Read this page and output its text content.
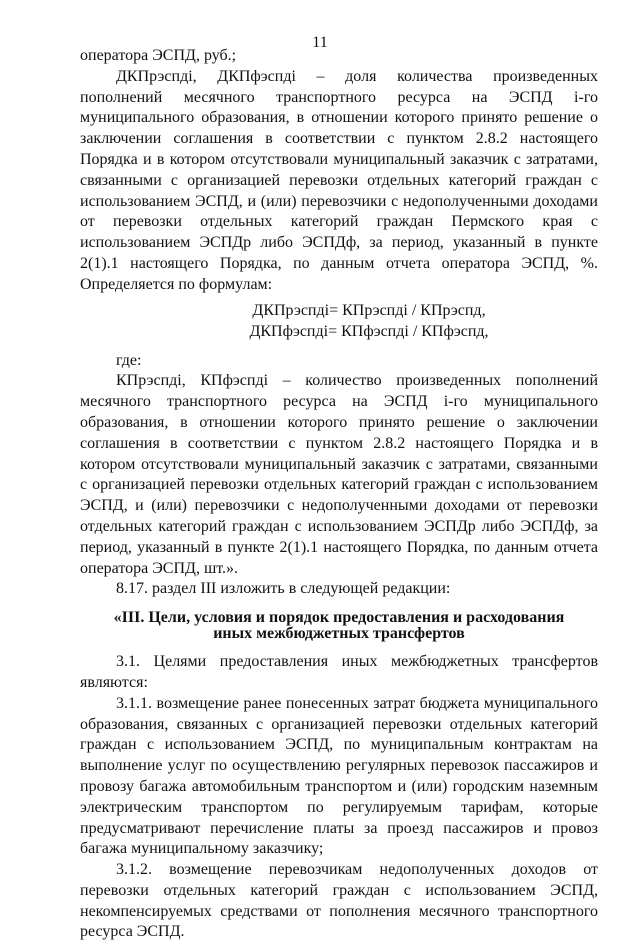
11

оператора ЭСПД, руб.;

ДКПрэспдi, ДКПфэспдi – доля количества произведенных пополнений месячного транспортного ресурса на ЭСПД i-го муниципального образования, в отношении которого принято решение о заключении соглашения в соответствии с пунктом 2.8.2 настоящего Порядка и в котором отсутствовали муниципальный заказчик с затратами, связанными с организацией перевозки отдельных категорий граждан с использованием ЭСПД, и (или) перевозчики с недополученными доходами от перевозки отдельных категорий граждан Пермского края с использованием ЭСПДр либо ЭСПДф, за период, указанный в пункте 2(1).1 настоящего Порядка, по данным отчета оператора ЭСПД, %. Определяется по формулам:

ДКПрэспдi= КПрэспдi / КПрэспд,

ДКПфэспдi= КПфэспдi / КПфэспд,

где:

КПрэспдi, КПфэспдi – количество произведенных пополнений месячного транспортного ресурса на ЭСПД i-го муниципального образования, в отношении которого принято решение о заключении соглашения в соответствии с пунктом 2.8.2 настоящего Порядка и в котором отсутствовали муниципальный заказчик с затратами, связанными с организацией перевозки отдельных категорий граждан с использованием ЭСПД, и (или) перевозчики с недополученными доходами от перевозки отдельных категорий граждан с использованием ЭСПДр либо ЭСПДф, за период, указанный в пункте 2(1).1 настоящего Порядка, по данным отчета оператора ЭСПД, шт.».

8.17. раздел III изложить в следующей редакции:

«III. Цели, условия и порядок предоставления и расходования

иных межбюджетных трансфертов

3.1. Целями предоставления иных межбюджетных трансфертов являются:

3.1.1. возмещение ранее понесенных затрат бюджета муниципального образования, связанных с организацией перевозки отдельных категорий граждан с использованием ЭСПД, по муниципальным контрактам на выполнение услуг по осуществлению регулярных перевозок пассажиров и провозу багажа автомобильным транспортом и (или) городским наземным электрическим транспортом по регулируемым тарифам, которые предусматривают перечисление платы за проезд пассажиров и провоз багажа муниципальному заказчику;

3.1.2. возмещение перевозчикам недополученных доходов от перевозки отдельных категорий граждан с использованием ЭСПД, некомпенсируемых средствами от пополнения месячного транспортного ресурса ЭСПД.
